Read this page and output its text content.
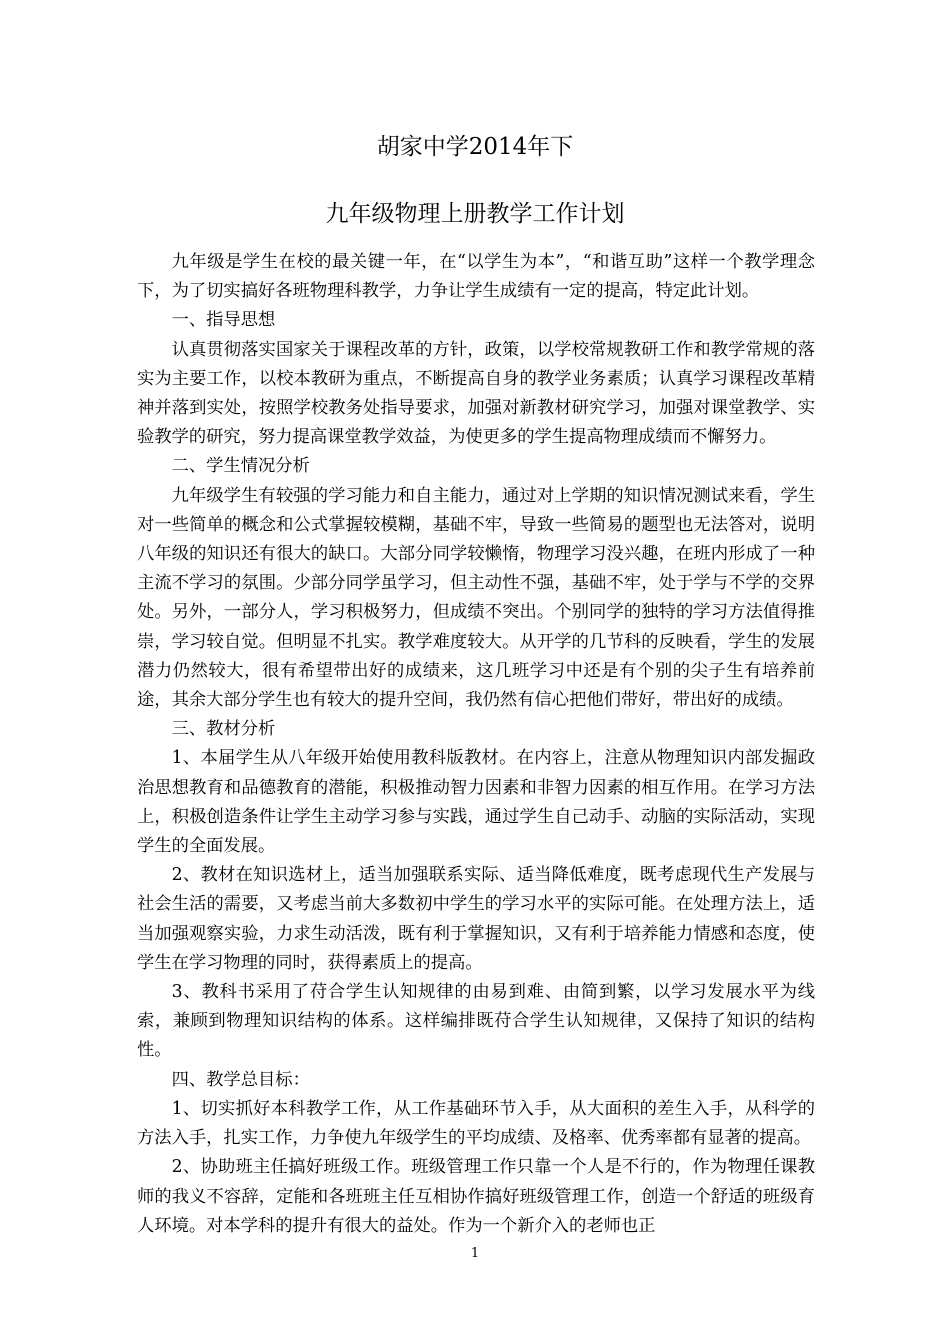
胡家中学2014年下
九年级物理上册教学工作计划

九年级是学生在校的最关键一年，在“以学生为本”，“和谐互助”这样一个教学理念下，为了切实搞好各班物理科教学，力争让学生成绩有一定的提高，特定此计划。

一、指导思想

认真贯彻落实国家关于课程改革的方针，政策，以学校常规教研工作和教学常规的落实为主要工作，以校本教研为重点，不断提高自身的教学业务素质；认真学习课程改革精神并落到实处，按照学校教务处指导要求，加强对新教材研究学习，加强对课堂教学、实验教学的研究，努力提高课堂教学效益，为使更多的学生提高物理成绩而不懈努力。

二、学生情况分析

九年级学生有较强的学习能力和自主能力，通过对上学期的知识情况测试来看，学生对一些简单的概念和公式掌握较模糊，基础不牢，导致一些简易的题型也无法答对，说明八年级的知识还有很大的缺口。大部分同学较懒惰，物理学习没兴趣，在班内形成了一种主流不学习的氛围。少部分同学虽学习，但主动性不强，基础不牢，处于学与不学的交界处。另外，一部分人，学习积极努力，但成绩不突出。个别同学的独特的学习方法值得推崇，学习较自觉。但明显不扎实。教学难度较大。从开学的几节科的反映看，学生的发展潜力仍然较大，很有希望带出好的成绩来，这几班学习中还是有个别的尖子生有培养前途，其余大部分学生也有较大的提升空间，我仍然有信心把他们带好，带出好的成绩。

三、教材分析

1、本届学生从八年级开始使用教科版教材。在内容上，注意从物理知识内部发掘政治思想教育和品德教育的潜能，积极推动智力因素和非智力因素的相互作用。在学习方法上，积极创造条件让学生主动学习参与实践，通过学生自己动手、动脑的实际活动，实现学生的全面发展。

2、教材在知识选材上，适当加强联系实际、适当降低难度，既考虑现代生产发展与社会生活的需要，又考虑当前大多数初中学生的学习水平的实际可能。在处理方法上，适当加强观察实验，力求生动活泼，既有利于掌握知识，又有利于培养能力情感和态度，使学生在学习物理的同时，获得素质上的提高。

3、教科书采用了苻合学生认知规律的由易到难、由简到繁，以学习发展水平为线索，兼顾到物理知识结构的体系。这样编排既苻合学生认知规律，又保持了知识的结构性。

四、教学总目标：

1、切实抓好本科教学工作，从工作基础环节入手，从大面积的差生入手，从科学的方法入手，扎实工作，力争使九年级学生的平均成绩、及格率、优秀率都有显著的提高。

2、协助班主任搞好班级工作。班级管理工作只靠一个人是不行的，作为物理任课教师的我义不容辞，定能和各班班主任互相协作搞好班级管理工作，创造一个舒适的班级育人环境。对本学科的提升有很大的益处。作为一个新介入的老师也正

1
